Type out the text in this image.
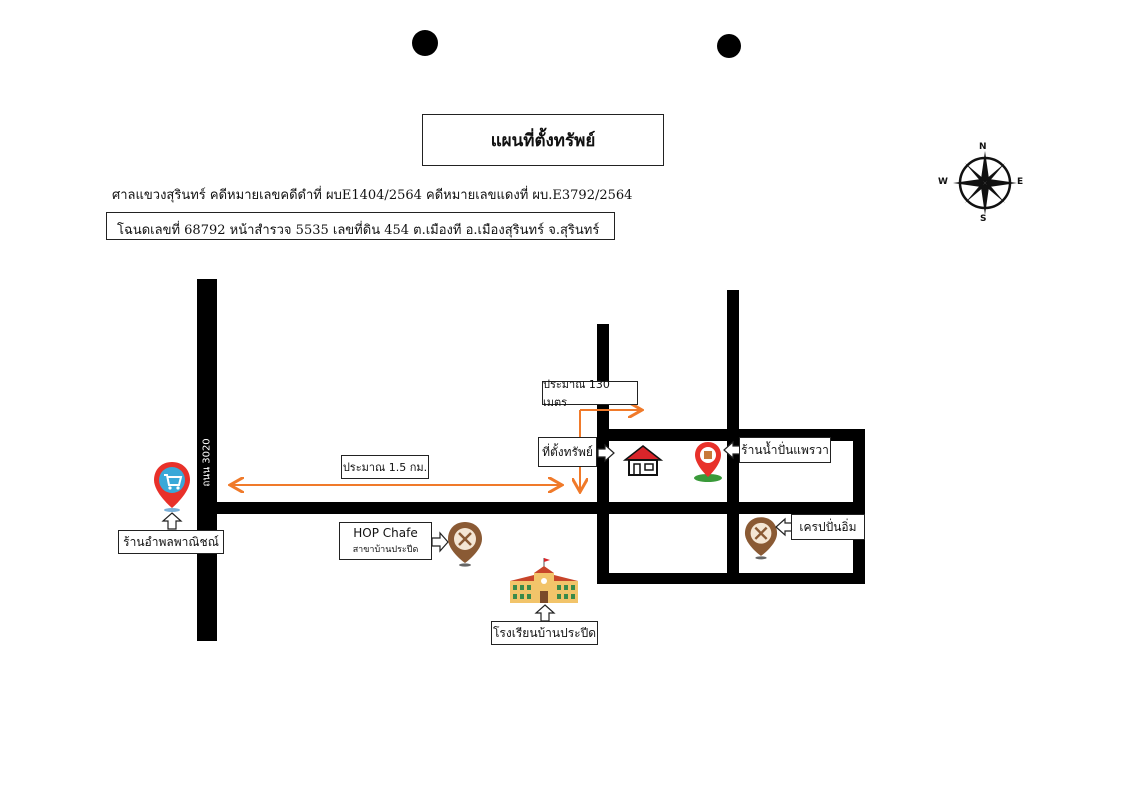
แผนที่ตั้งทรัพย์
ศาลแขวงสุรินทร์ คดีหมายเลขคดีดำที่ ผบE1404/2564 คดีหมายเลขแดงที่ ผบ.E3792/2564
โฉนดเลขที่ 68792 หน้าสำรวจ 5535 เลขที่ดิน 454 ต.เมืองที อ.เมืองสุรินทร์ จ.สุรินทร์
N
S
W	E
ถนน 3020	ประมาณ 1.5 กม.
ประมาณ 130 เมตร
ร้านอำพลพาณิชณ์
HOP Chafe
สาขาบ้านประปีด
โรงเรียนบ้านประปีด
ที่ตั้งทรัพย์	ร้านน้ำปั่นแพรวา
เครปปั่นอิ่ม
